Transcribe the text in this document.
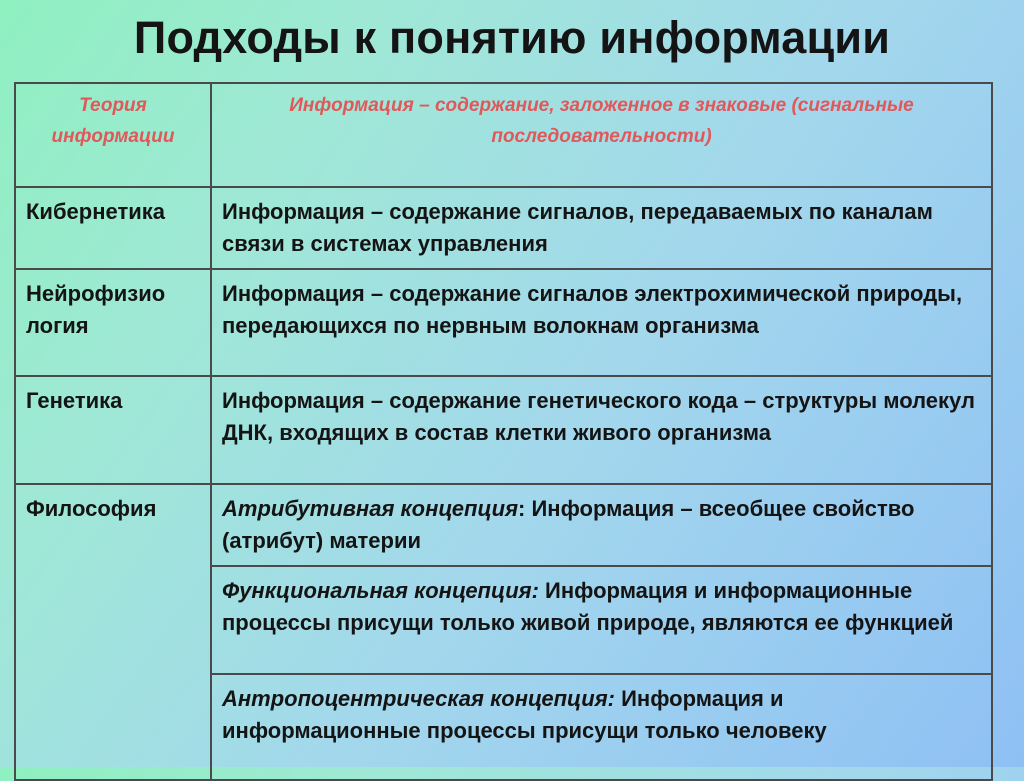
Подходы к понятию информации
Теория информации	Информация – содержание, заложенное в знаковые (сигнальные последовательности)

Кибернетика	Информация – содержание сигналов, передаваемых по каналам связи в системах управления

Нейрофизио логия	Информация – содержание сигналов электрохимической природы, передающихся по нервным волокнам организма

Генетика	Информация – содержание генетического кода – структуры молекул ДНК, входящих в состав клетки живого организма

Философия	Атрибутивная концепция: Информация – всеобщее свойство (атрибут) материи

	Функциональная концепция: Информация и информационные процессы присущи только живой природе, являются ее функцией

	Антропоцентрическая концепция: Информация и информационные процессы присущи только человеку
